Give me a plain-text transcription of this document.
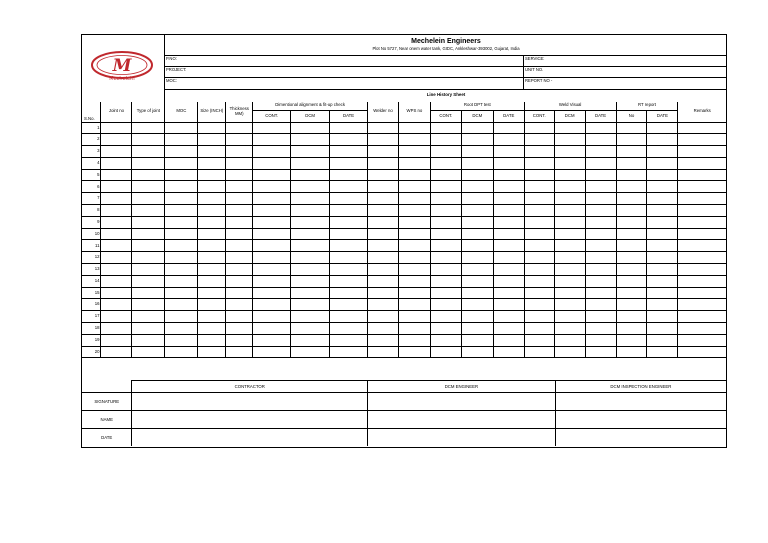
M
Mechelein
Mechelein Engineers
Plot No 5727, Near onem water tank, GIDC, Ankleshwar-393002, Gujarat, India
P.NO:
PROJECT:
MOC:
SERVICE:
UNIT NO.
REPORT NO -
Line History Sheet
S.No.	Joint no	Type of joint	MOC	Size (INCH)	Thickness MM)	Dimentional alignment & fit-up check			Welder no	WPS no	Root DPT test			Weld Visual			RT report		Remarks
						CONT.	DCM	DATE			CONT.	DCM	DATE	CONT.	DCM	DATE	No	DATE	
1																			
2																			
3																			
4																			
5																			
6																			
7																			
8																			
9																			
10																			
11																			
12																			
13																			
14																			
15																			
16																			
17																			
18																			
19																			
20																			
	CONTRACTOR	DCM ENGINEER	DCM INSPECTION ENGINEER
SIGNATURE			
NAME			
DATE			
